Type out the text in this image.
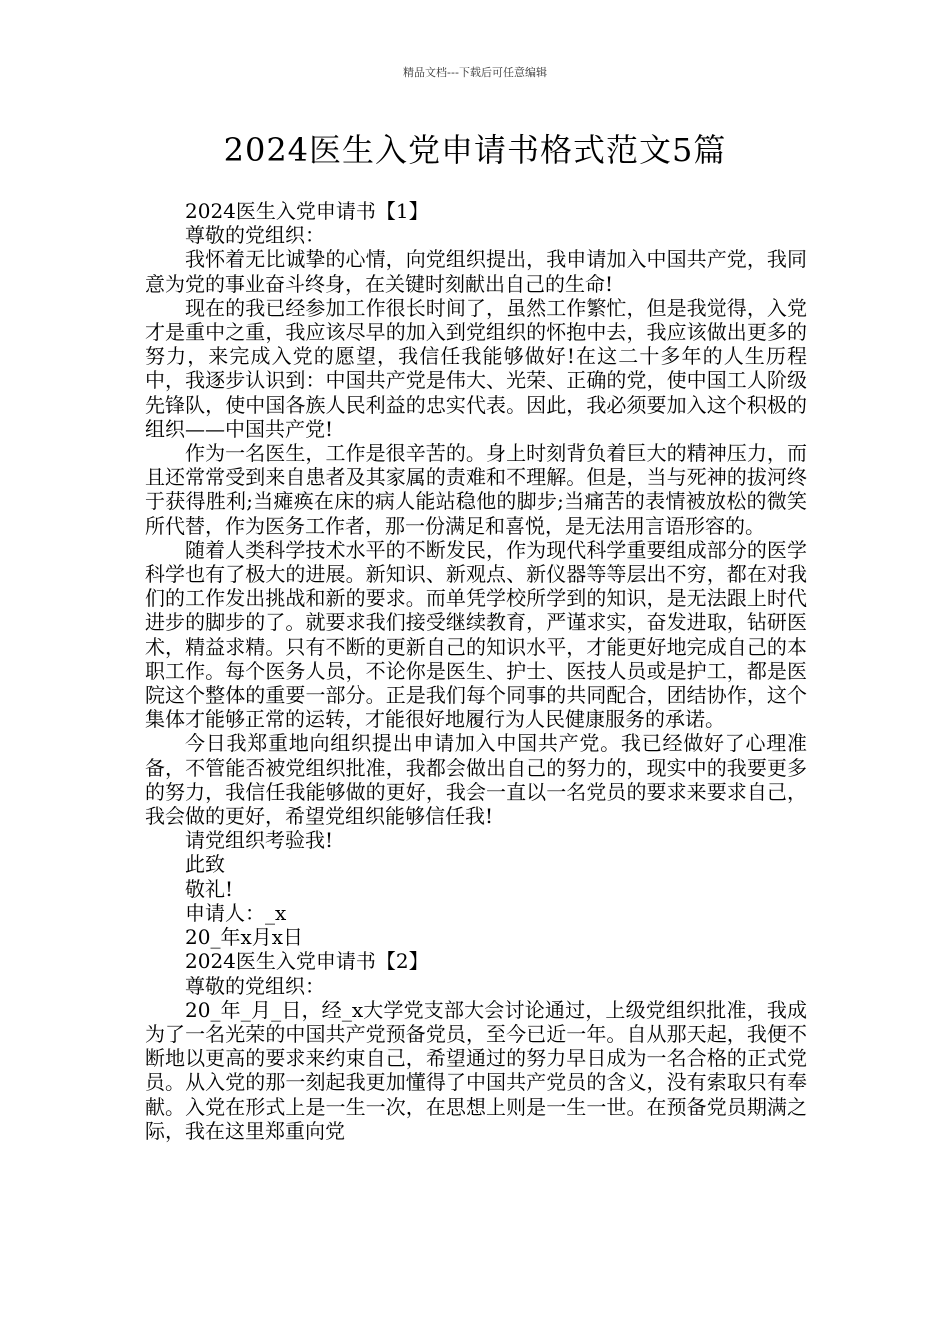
精品文档---下载后可任意编辑
2024医生入党申请书格式范文5篇

2024医生入党申请书【1】

尊敬的党组织：

我怀着无比诚挚的心情，向党组织提出，我申请加入中国共产党，我同意为党的事业奋斗终身，在关键时刻献出自己的生命!

现在的我已经参加工作很长时间了，虽然工作繁忙，但是我觉得，入党才是重中之重，我应该尽早的加入到党组织的怀抱中去，我应该做出更多的努力，来完成入党的愿望，我信任我能够做好!在这二十多年的人生历程中，我逐步认识到：中国共产党是伟大、光荣、正确的党，使中国工人阶级先锋队，使中国各族人民利益的忠实代表。因此，我必须要加入这个积极的组织——中国共产党!

作为一名医生，工作是很辛苦的。身上时刻背负着巨大的精神压力，而且还常常受到来自患者及其家属的责难和不理解。但是，当与死神的拔河终于获得胜利;当瘫痪在床的病人能站稳他的脚步;当痛苦的表情被放松的微笑所代替，作为医务工作者，那一份满足和喜悦，是无法用言语形容的。

随着人类科学技术水平的不断发民，作为现代科学重要组成部分的医学科学也有了极大的进展。新知识、新观点、新仪器等等层出不穷，都在对我们的工作发出挑战和新的要求。而单凭学校所学到的知识，是无法跟上时代进步的脚步的了。就要求我们接受继续教育，严谨求实，奋发进取，钻研医术，精益求精。只有不断的更新自己的知识水平，才能更好地完成自己的本职工作。每个医务人员，不论你是医生、护士、医技人员或是护工，都是医院这个整体的重要一部分。正是我们每个同事的共同配合，团结协作，这个集体才能够正常的运转，才能很好地履行为人民健康服务的承诺。

今日我郑重地向组织提出申请加入中国共产党。我已经做好了心理准备，不管能否被党组织批准，我都会做出自己的努力的，现实中的我要更多的努力，我信任我能够做的更好，我会一直以一名党员的要求来要求自己，我会做的更好，希望党组织能够信任我!

请党组织考验我!

此致

敬礼!

申请人：_x

20_年x月x日

2024医生入党申请书【2】

尊敬的党组织：

20_年_月_日，经_x大学党支部大会讨论通过，上级党组织批准，我成为了一名光荣的中国共产党预备党员，至今已近一年。自从那天起，我便不断地以更高的要求来约束自己，希望通过的努力早日成为一名合格的正式党员。从入党的那一刻起我更加懂得了中国共产党员的含义，没有索取只有奉献。入党在形式上是一生一次，在思想上则是一生一世。在预备党员期满之际，我在这里郑重向党
